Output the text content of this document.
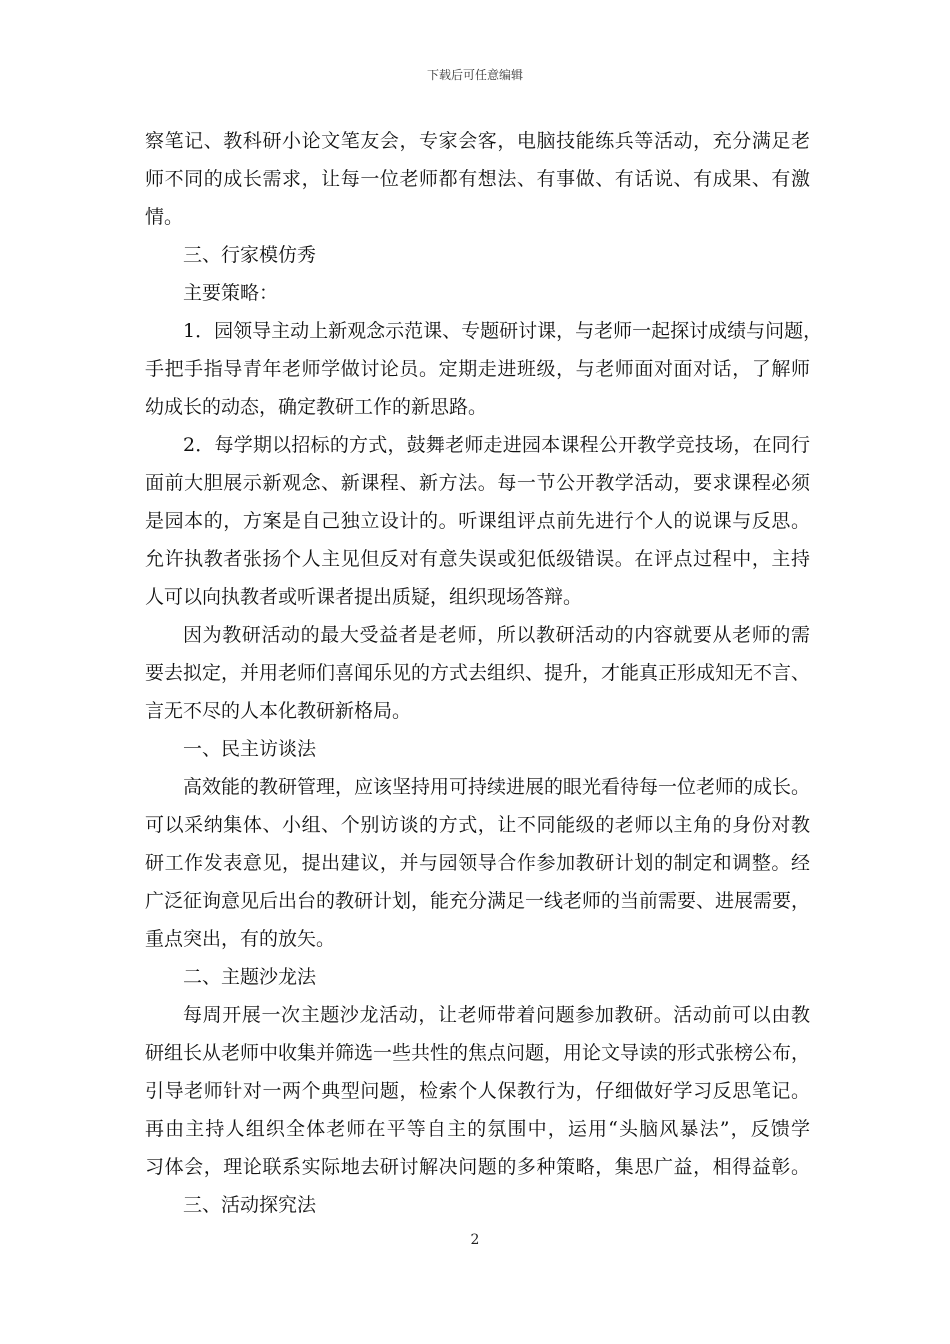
下载后可任意编辑
察笔记、教科研小论文笔友会，专家会客，电脑技能练兵等活动，充分满足老
师不同的成长需求，让每一位老师都有想法、有事做、有话说、有成果、有激
情。
三、行家模仿秀
主要策略：
1．园领导主动上新观念示范课、专题研讨课，与老师一起探讨成绩与问题，
手把手指导青年老师学做讨论员。定期走进班级，与老师面对面对话，了解师
幼成长的动态，确定教研工作的新思路。
2．每学期以招标的方式，鼓舞老师走进园本课程公开教学竞技场，在同行
面前大胆展示新观念、新课程、新方法。每一节公开教学活动，要求课程必须
是园本的，方案是自己独立设计的。听课组评点前先进行个人的说课与反思。
允许执教者张扬个人主见但反对有意失误或犯低级错误。在评点过程中，主持
人可以向执教者或听课者提出质疑，组织现场答辩。
因为教研活动的最大受益者是老师，所以教研活动的内容就要从老师的需
要去拟定，并用老师们喜闻乐见的方式去组织、提升，才能真正形成知无不言、
言无不尽的人本化教研新格局。
一、民主访谈法
高效能的教研管理，应该坚持用可持续进展的眼光看待每一位老师的成长。
可以采纳集体、小组、个别访谈的方式，让不同能级的老师以主角的身份对教
研工作发表意见，提出建议，并与园领导合作参加教研计划的制定和调整。经
广泛征询意见后出台的教研计划，能充分满足一线老师的当前需要、进展需要，
重点突出，有的放矢。
二、主题沙龙法
每周开展一次主题沙龙活动，让老师带着问题参加教研。活动前可以由教
研组长从老师中收集并筛选一些共性的焦点问题，用论文导读的形式张榜公布，
引导老师针对一两个典型问题，检索个人保教行为，仔细做好学习反思笔记。
再由主持人组织全体老师在平等自主的氛围中，运用“头脑风暴法”，反馈学
习体会，理论联系实际地去研讨解决问题的多种策略，集思广益，相得益彰。
三、活动探究法
2
